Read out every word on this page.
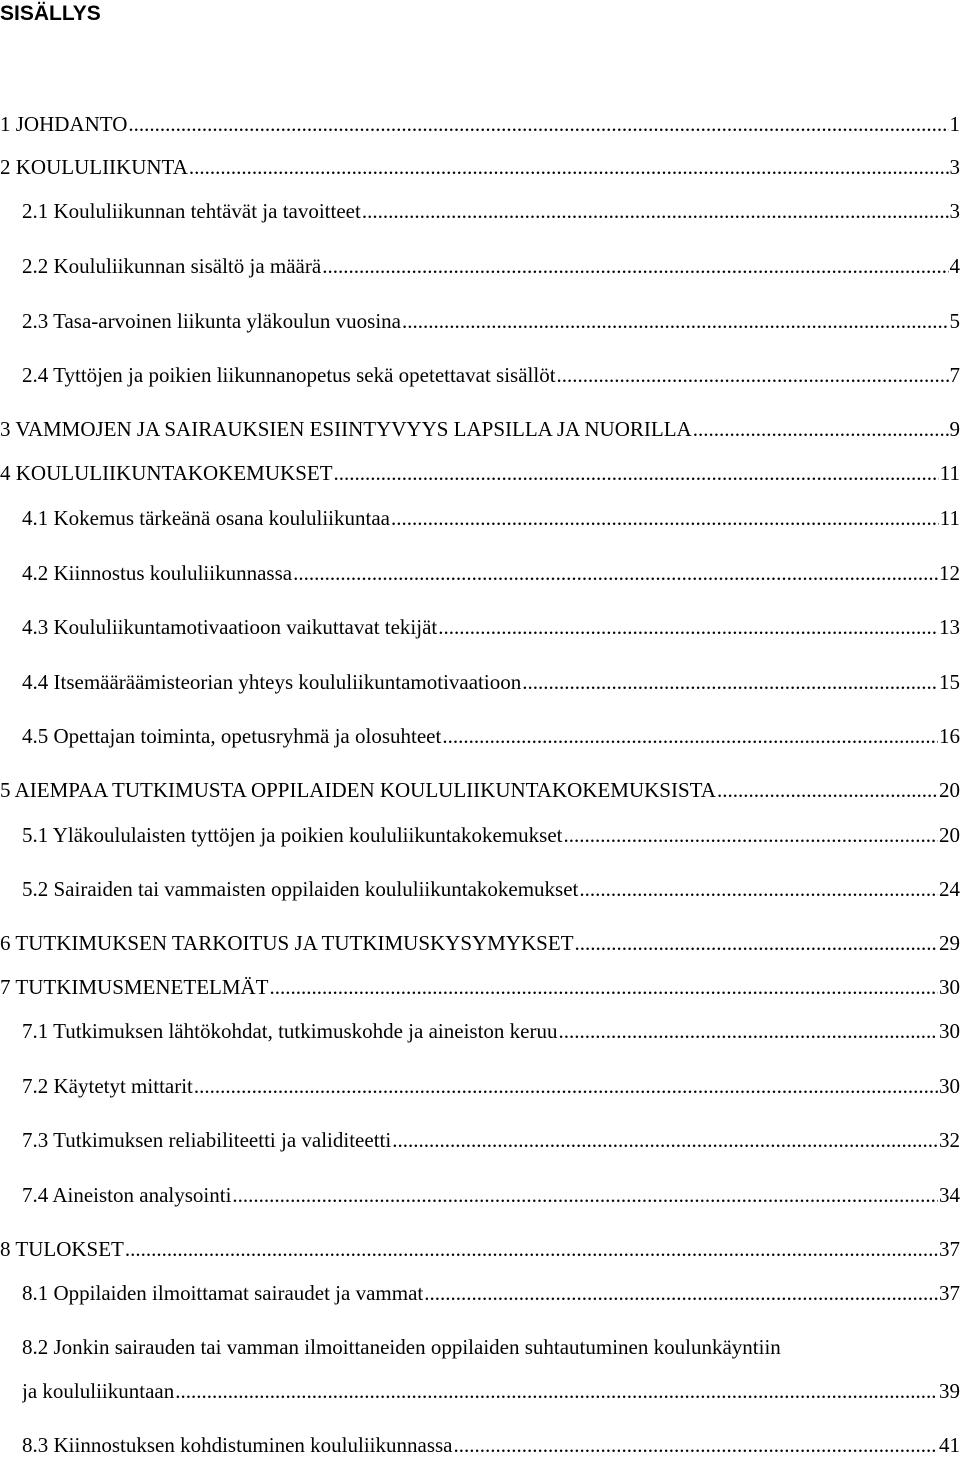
SISÄLLYS
1 JOHDANTO .....	1
2 KOULULIIKUNTA .....	3
2.1 Koululiikunnan tehtävät ja tavoitteet .....	3
2.2 Koululiikunnan sisältö ja määrä .....	4
2.3 Tasa-arvoinen liikunta yläkoulun vuosina .....	5
2.4 Tyttöjen ja poikien liikunnanopetus sekä opetettavat sisällöt .....	7
3 VAMMOJEN JA SAIRAUKSIEN ESIINTYVYYS LAPSILLA JA NUORILLA .....	9
4 KOULULIIKUNTAKOKEMUKSET .....	11
4.1 Kokemus tärkeänä osana koululiikuntaa .....	11
4.2 Kiinnostus koululiikunnassa .....	12
4.3 Koululiikuntamotivaatioon vaikuttavat tekijät .....	13
4.4 Itsemääräämisteorian yhteys koululiikuntamotivaatioon .....	15
4.5 Opettajan toiminta, opetusryhmä ja olosuhteet .....	16
5 AIEMPAA TUTKIMUSTA OPPILAIDEN KOULULIIKUNTAKOKEMUKSISTA .....	20
5.1 Yläkoululaisten tyttöjen ja poikien koululiikuntakokemukset .....	20
5.2 Sairaiden tai vammaisten oppilaiden koululiikuntakokemukset .....	24
6 TUTKIMUKSEN TARKOITUS JA TUTKIMUSKYSYMYKSET .....	29
7 TUTKIMUSMENETELMÄT .....	30
7.1 Tutkimuksen lähtökohdat, tutkimuskohde ja aineiston keruu .....	30
7.2 Käytetyt mittarit .....	30
7.3 Tutkimuksen reliabiliteetti ja validiteetti .....	32
7.4 Aineiston analysointi .....	34
8 TULOKSET .....	37
8.1 Oppilaiden ilmoittamat sairaudet ja vammat .....	37
8.2 Jonkin sairauden tai vamman ilmoittaneiden oppilaiden suhtautuminen koulunkäyntiin
ja koululiikuntaan .....	39
8.3 Kiinnostuksen kohdistuminen koululiikunnassa .....	41
